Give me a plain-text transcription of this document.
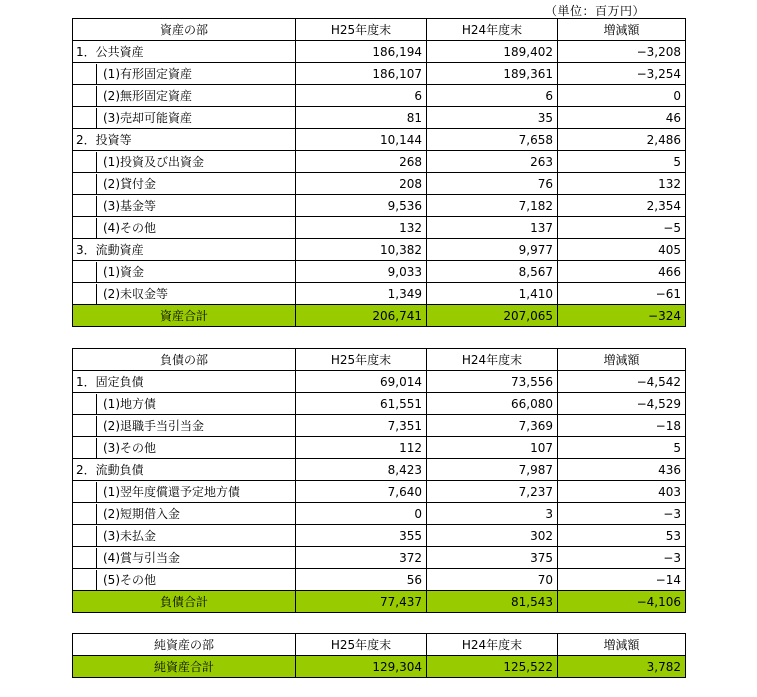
（単位：百万円）
資産の部	H25年度末	H24年度末	増減額
1．公共資産	186,194	189,402	−3,208

(1)有形固定資産	186,107	189,361	−3,254

(2)無形固定資産	6	6	0

(3)売却可能資産	81	35	46
2．投資等	10,144	7,658	2,486

(1)投資及び出資金	268	263	5

(2)貸付金	208	76	132

(3)基金等	9,536	7,182	2,354

(4)その他	132	137	−5
3．流動資産	10,382	9,977	405

(1)資金	9,033	8,567	466

(2)未収金等	1,349	1,410	−61
資産合計	206,741	207,065	−324
負債の部	H25年度末	H24年度末	増減額
1．固定負債	69,014	73,556	−4,542

(1)地方債	61,551	66,080	−4,529

(2)退職手当引当金	7,351	7,369	−18

(3)その他	112	107	5
2．流動負債	8,423	7,987	436

(1)翌年度償還予定地方債	7,640	7,237	403

(2)短期借入金	0	3	−3

(3)未払金	355	302	53

(4)賞与引当金	372	375	−3

(5)その他	56	70	−14
負債合計	77,437	81,543	−4,106
純資産の部	H25年度末	H24年度末	増減額
純資産合計	129,304	125,522	3,782
